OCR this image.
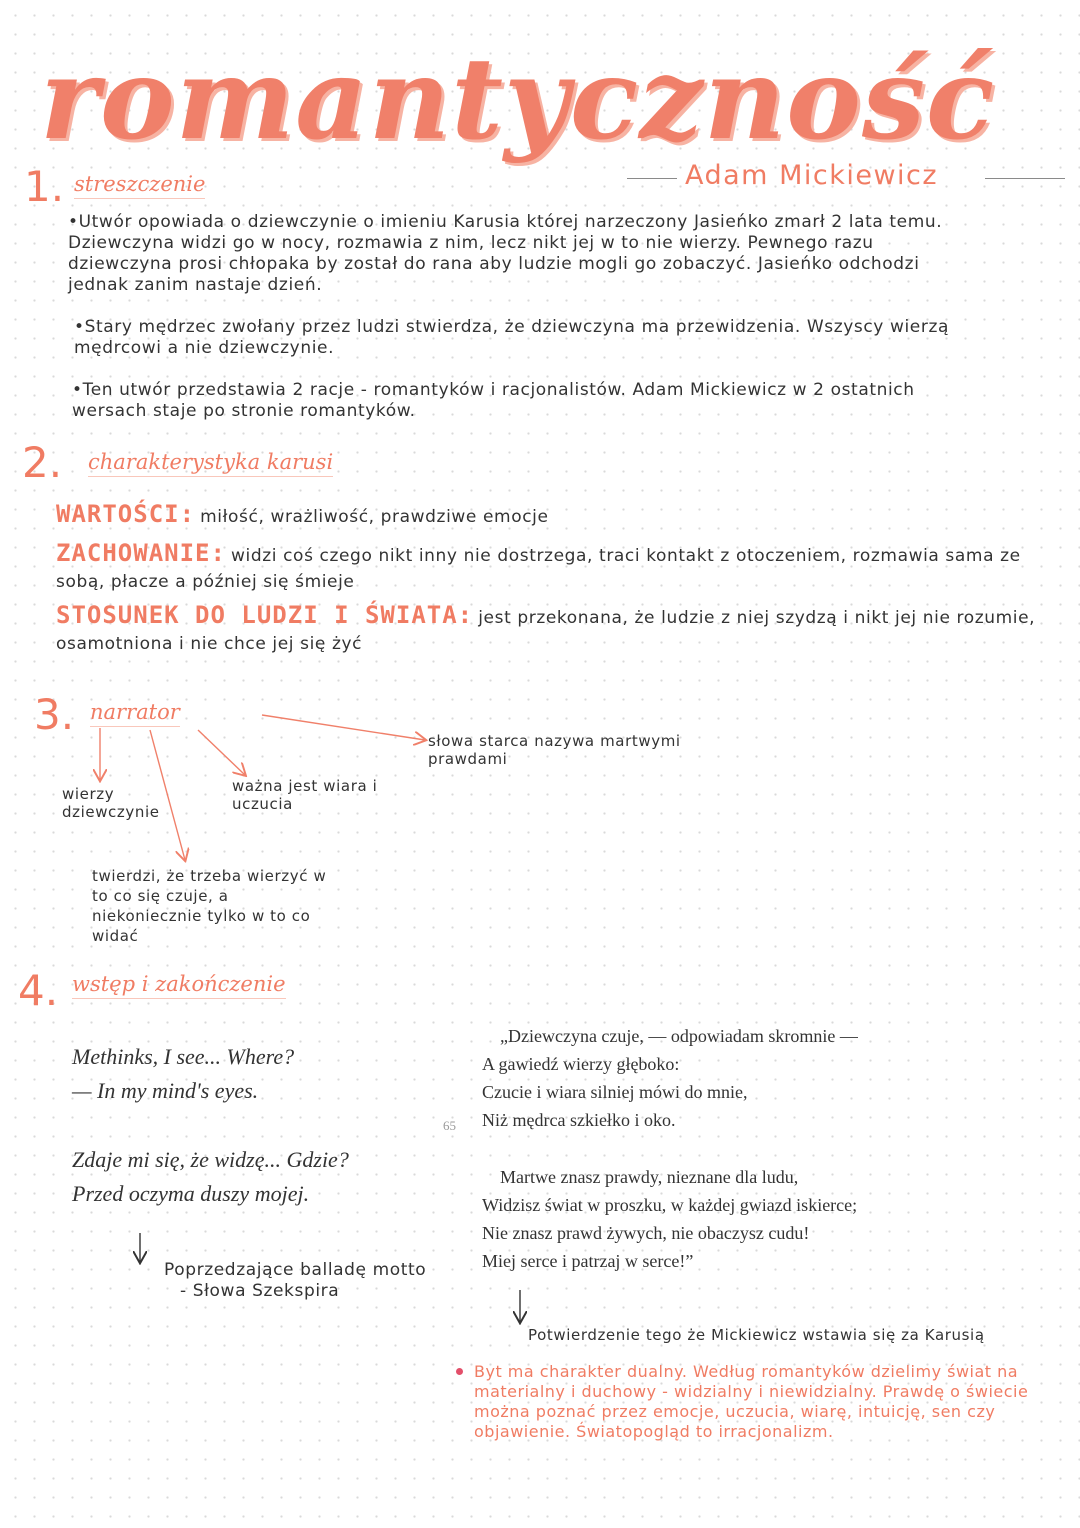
romantyczność
Adam Mickiewicz
1. streszczenie
•Utwór opowiada o dziewczynie o imieniu Karusia której narzeczony Jasieńko zmarł 2 lata temu. Dziewczyna widzi go w nocy, rozmawia z nim, lecz nikt jej w to nie wierzy. Pewnego razu dziewczyna prosi chłopaka by został do rana aby ludzie mogli go zobaczyć. Jasieńko odchodzi jednak zanim nastaje dzień.
•Stary mędrzec zwołany przez ludzi stwierdza, że dziewczyna ma przewidzenia. Wszyscy wierzą mędrcowi a nie dziewczynie.
•Ten utwór przedstawia 2 racje - romantyków i racjonalistów. Adam Mickiewicz w 2 ostatnich wersach staje po stronie romantyków.
2. charakterystyka karusi
WARTOŚCI: miłość, wrażliwość, prawdziwe emocje
ZACHOWANIE: widzi coś czego nikt inny nie dostrzega, traci kontakt z otoczeniem, rozmawia sama ze sobą, płacze a później się śmieje
STOSUNEK DO LUDZI I ŚWIATA: jest przekonana, że ludzie z niej szydzą i nikt jej nie rozumie, osamotniona i nie chce jej się żyć
3. narrator
słowa starca nazywa martwymi prawdami
wierzy dziewczynie
ważna jest wiara i uczucia
twierdzi, że trzeba wierzyć w to co się czuje, a niekoniecznie tylko w to co widać
4. wstęp i zakończenie
Methinks, I see... Where?
— In my mind's eyes.
Zdaje mi się, że widzę... Gdzie?
Przed oczyma duszy mojej.
Poprzedzające balladę motto
- Słowa Szekspira
65
„Dziewczyna czuje, — odpowiadam skromnie —
A gawiedź wierzy głęboko:
Czucie i wiara silniej mówi do mnie,
Niż mędrca szkiełko i oko.
Martwe znasz prawdy, nieznane dla ludu,
Widzisz świat w proszku, w każdej gwiazd iskierce;
Nie znasz prawd żywych, nie obaczysz cudu!
Miej serce i patrzaj w serce!”
Potwierdzenie tego że Mickiewicz wstawia się za Karusią
Byt ma charakter dualny. Według romantyków dzielimy świat na materialny i duchowy - widzialny i niewidzialny. Prawdę o świecie można poznać przez emocje, uczucia, wiarę, intuicję, sen czy objawienie. Światopogląd to irracjonalizm.
